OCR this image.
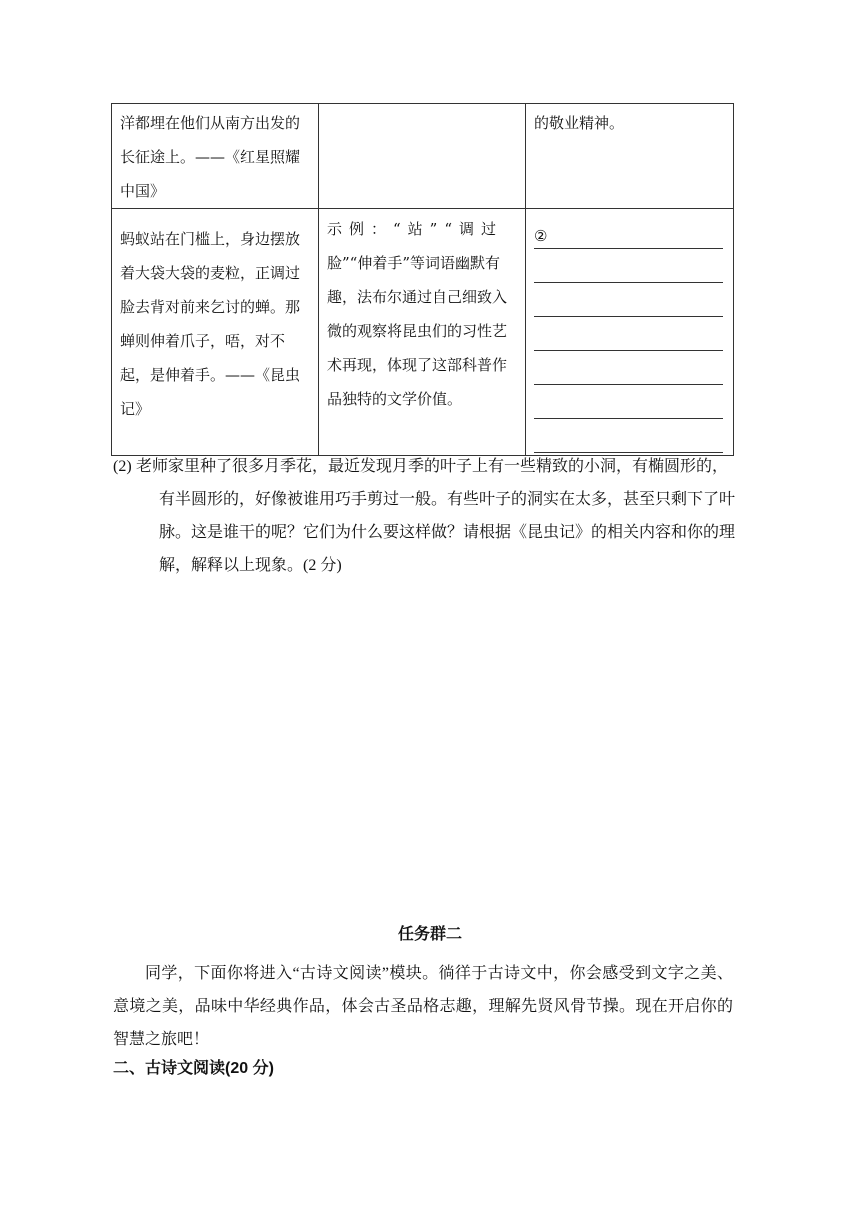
洋都埋在他们从南方出发的长征途上。——《红星照耀中国》		的敬业精神。
蚂蚁站在门槛上，身边摆放着大袋大袋的麦粒，正调过脸去背对前来乞讨的蝉。那蝉则伸着爪子，唔，对不起，是伸着手。——《昆虫记》	示例：“站”“调过脸”“伸着手”等词语幽默有趣，法布尔通过自己细致入微的观察将昆虫们的习性艺术再现，体现了这部科普作品独特的文学价值。	②
(2) 老师家里种了很多月季花，最近发现月季的叶子上有一些精致的小洞，有椭圆形的，有半圆形的，好像被谁用巧手剪过一般。有些叶子的洞实在太多，甚至只剩下了叶脉。这是谁干的呢？它们为什么要这样做？请根据《昆虫记》的相关内容和你的理解，解释以上现象。(2 分)
任务群二
同学，下面你将进入“古诗文阅读”模块。徜徉于古诗文中，你会感受到文字之美、意境之美，品味中华经典作品，体会古圣品格志趣，理解先贤风骨节操。现在开启你的智慧之旅吧！
二、古诗文阅读(20 分)
